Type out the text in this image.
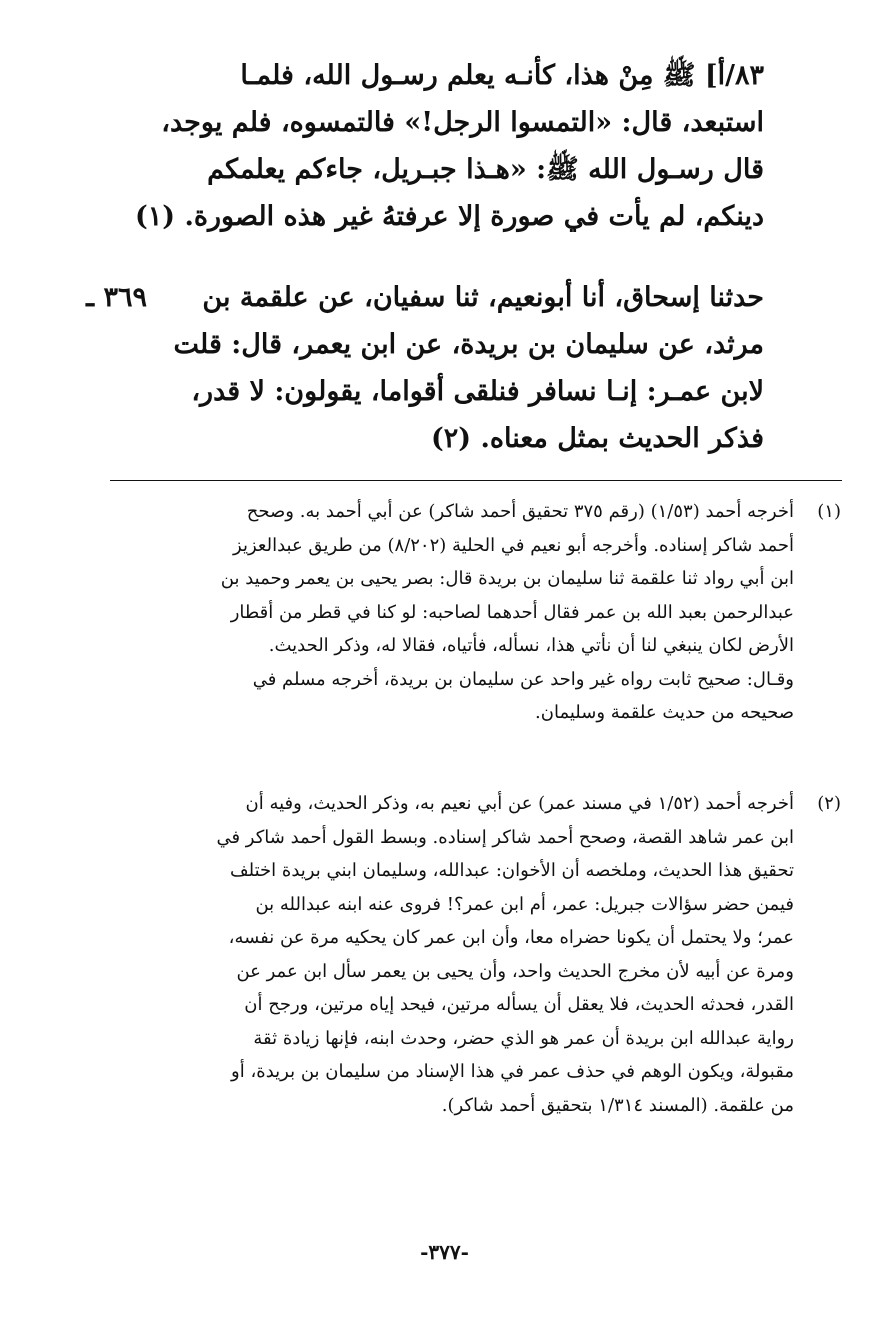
٨٣/أ] ﷺ مِنْ هذا، كأنـه يعلم رسـول الله، فلمـا

استبعد، قال: «التمسوا الرجل!» فالتمسوه، فلم يوجد،

قال رسـول الله ﷺ: «هـذا جبـريل، جاءكم يعلمكم

دينكم، لم يأت في صورة إلا عرفتهُ غير هذه الصورة. (١)

٣٦٩ ـ	حدثنا إسحاق، أنا أبونعيم، ثنا سفيان، عن علقمة بن

مرثد، عن سليمان بن بريدة، عن ابن يعمر، قال: قلت

لابن عمـر: إنـا نسافر فنلقى أقواما، يقولون: لا قدر،

فذكر الحديث بمثل معناه. (٢)

(١)
أخرجه أحمد (١/٥٣) (رقم ٣٧٥ تحقيق أحمد شاكر) عن أبي أحمد به. وصحح
أحمد شاكر إسناده. وأخرجه أبو نعيم في الحلية (٨/٢٠٢) من طريق عبدالعزيز
ابن أبي رواد ثنا علقمة ثنا سليمان بن بريدة قال: بصر يحيى بن يعمر وحميد بن
عبدالرحمن بعبد الله بن عمر فقال أحدهما لصاحبه: لو كنا في قطر من أقطار
الأرض لكان ينبغي لنا أن نأتي هذا، نسأله، فأتياه، فقالا له، وذكر الحديث.
وقـال: صحيح ثابت رواه غير واحد عن سليمان بن بريدة، أخرجه مسلم في
صحيحه من حديث علقمة وسليمان.
(٢)
أخرجه أحمد (١/٥٢ في مسند عمر) عن أبي نعيم به، وذكر الحديث، وفيه أن
ابن عمر شاهد القصة، وصحح أحمد شاكر إسناده. وبسط القول أحمد شاكر في
تحقيق هذا الحديث، وملخصه أن الأخوان: عبدالله، وسليمان ابني بريدة اختلف
فيمن حضر سؤالات جبريل: عمر، أم ابن عمر؟! فروى عنه ابنه عبدالله بن
عمر؛ ولا يحتمل أن يكونا حضراه معا، وأن ابن عمر كان يحكيه مرة عن نفسه،
ومرة عن أبيه لأن مخرج الحديث واحد، وأن يحيى بن يعمر سأل ابن عمر عن
القدر، فحدثه الحديث، فلا يعقل أن يسأله مرتين، فيحد إياه مرتين، ورجح أن
رواية عبدالله ابن بريدة أن عمر هو الذي حضر، وحدث ابنه، فإنها زيادة ثقة
مقبولة، ويكون الوهم في حذف عمر في هذا الإسناد من سليمان بن بريدة، أو
من علقمة. (المسند ١/٣١٤ بتحقيق أحمد شاكر).
-٣٧٧-
